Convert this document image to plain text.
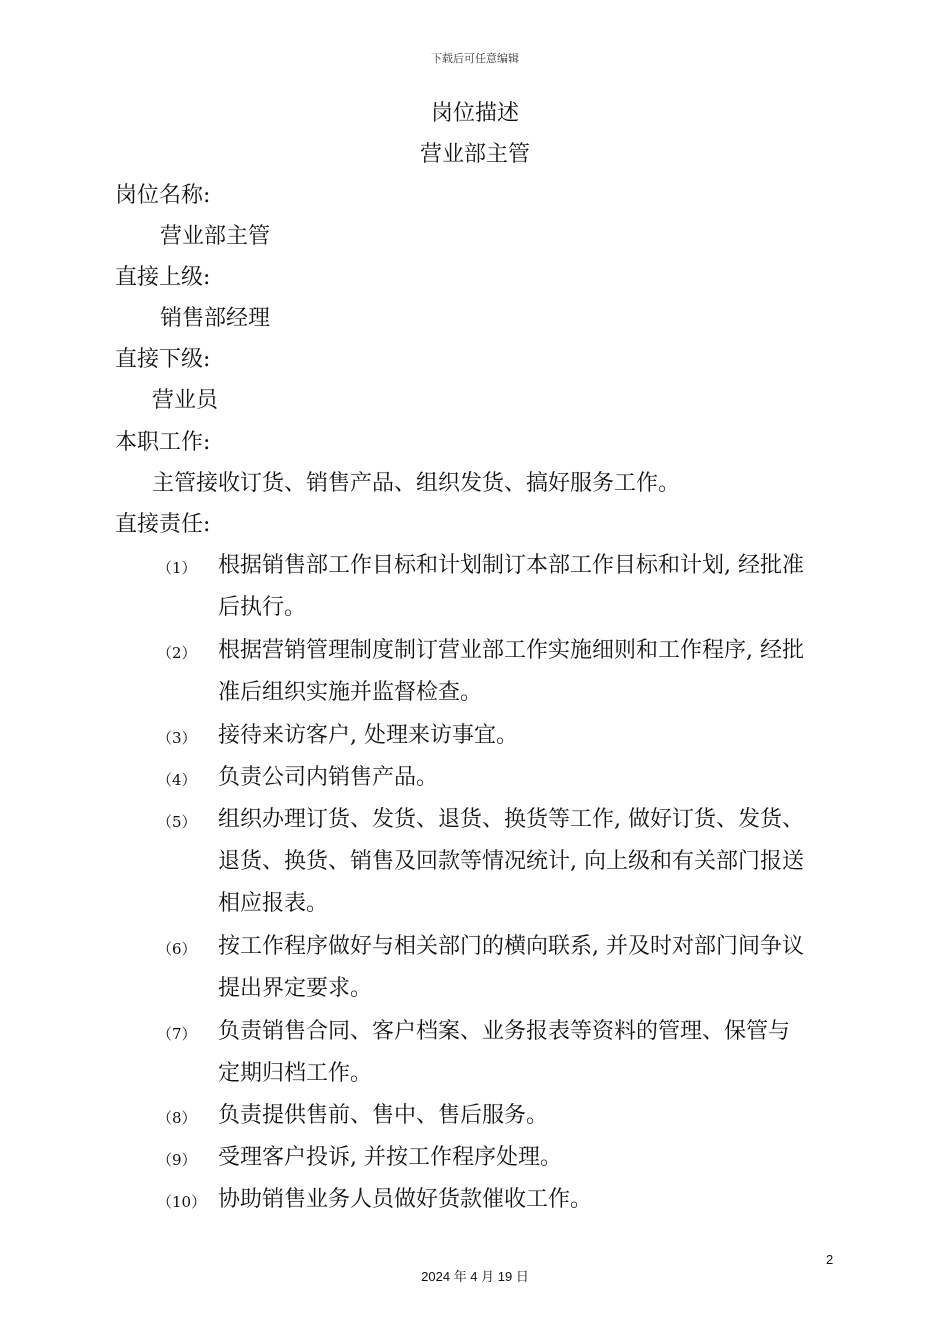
下载后可任意编辑
岗位描述
营业部主管
岗位名称:
营业部主管
直接上级:
销售部经理
直接下级:
营业员
本职工作:
主管接收订货、销售产品、组织发货、搞好服务工作。
直接责任:
（1） 根据销售部工作目标和计划制订本部工作目标和计划, 经批准
后执行。
（2） 根据营销管理制度制订营业部工作实施细则和工作程序, 经批
准后组织实施并监督检查。
（3） 接待来访客户, 处理来访事宜。
（4） 负责公司内销售产品。
（5） 组织办理订货、发货、退货、换货等工作, 做好订货、发货、
退货、换货、销售及回款等情况统计, 向上级和有关部门报送
相应报表。
（6） 按工作程序做好与相关部门的横向联系, 并及时对部门间争议
提出界定要求。
（7） 负责销售合同、客户档案、业务报表等资料的管理、保管与
定期归档工作。
（8） 负责提供售前、售中、售后服务。
（9） 受理客户投诉, 并按工作程序处理。
（10） 协助销售业务人员做好货款催收工作。
2
2024 年 4 月 19 日
